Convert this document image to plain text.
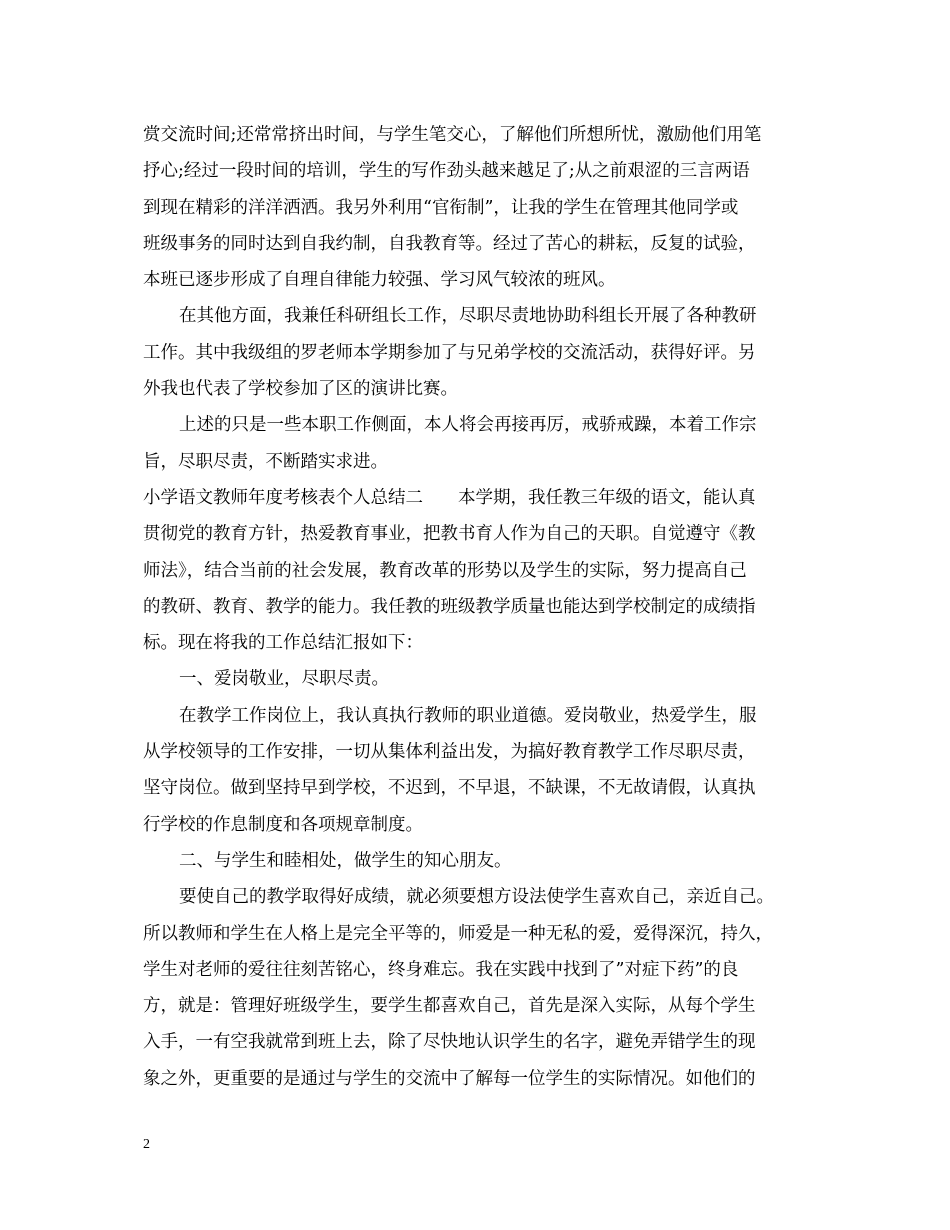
赏交流时间;还常常挤出时间，与学生笔交心，了解他们所想所忧，激励他们用笔
抒心;经过一段时间的培训，学生的写作劲头越来越足了;从之前艰涩的三言两语
到现在精彩的洋洋洒洒。我另外利用“官衔制”，让我的学生在管理其他同学或
班级事务的同时达到自我约制，自我教育等。经过了苦心的耕耘，反复的试验，
本班已逐步形成了自理自律能力较强、学习风气较浓的班风。
在其他方面，我兼任科研组长工作，尽职尽责地协助科组长开展了各种教研
工作。其中我级组的罗老师本学期参加了与兄弟学校的交流活动，获得好评。另
外我也代表了学校参加了区的演讲比赛。
上述的只是一些本职工作侧面，本人将会再接再厉，戒骄戒躁，本着工作宗
旨，尽职尽责，不断踏实求进。
小学语文教师年度考核表个人总结二　　本学期，我任教三年级的语文，能认真
贯彻党的教育方针，热爱教育事业，把教书育人作为自己的天职。自觉遵守《教
师法》，结合当前的社会发展，教育改革的形势以及学生的实际，努力提高自己
的教研、教育、教学的能力。我任教的班级教学质量也能达到学校制定的成绩指
标。现在将我的工作总结汇报如下：
一、爱岗敬业，尽职尽责。
在教学工作岗位上，我认真执行教师的职业道德。爱岗敬业，热爱学生，服
从学校领导的工作安排，一切从集体利益出发，为搞好教育教学工作尽职尽责，
坚守岗位。做到坚持早到学校，不迟到，不早退，不缺课，不无故请假，认真执
行学校的作息制度和各项规章制度。
二、与学生和睦相处，做学生的知心朋友。
要使自己的教学取得好成绩，就必须要想方设法使学生喜欢自己，亲近自己。
所以教师和学生在人格上是完全平等的，师爱是一种无私的爱，爱得深沉，持久，
学生对老师的爱往往刻苦铭心，终身难忘。我在实践中找到了”对症下药”的良
方，就是：管理好班级学生，要学生都喜欢自己，首先是深入实际，从每个学生
入手，一有空我就常到班上去，除了尽快地认识学生的名字，避免弄错学生的现
象之外，更重要的是通过与学生的交流中了解每一位学生的实际情况。如他们的
2
